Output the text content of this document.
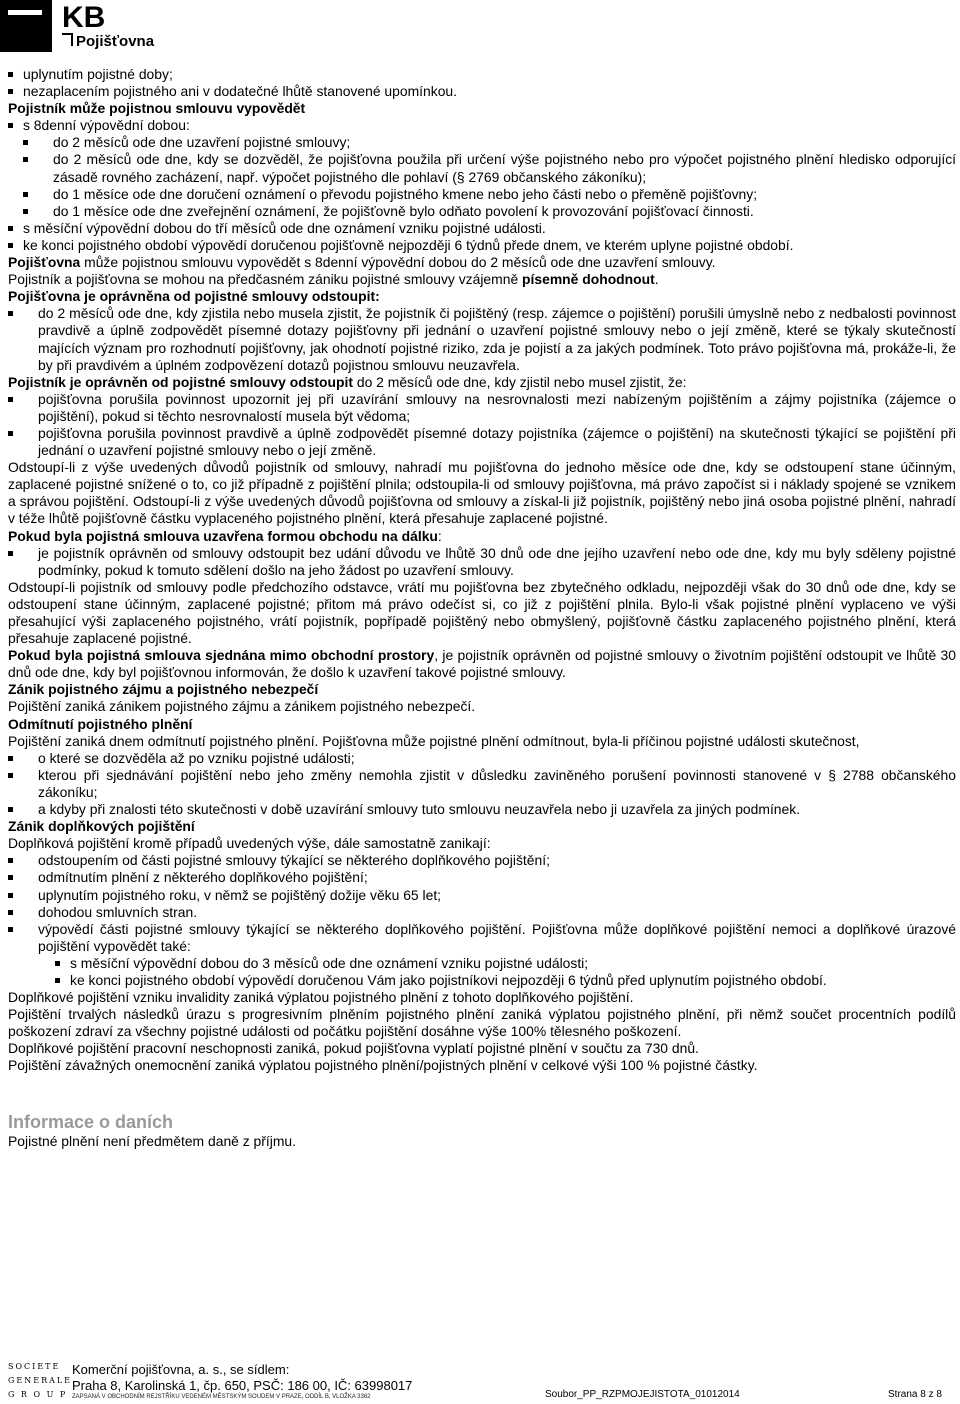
KB
Pojišťovna
uplynutím pojistné doby;
nezaplacením pojistného ani v dodatečné lhůtě stanovené upomínkou.

Pojistník může pojistnou smlouvu vypovědět

s 8denní výpovědní dobou:
do 2 měsíců ode dne uzavření pojistné smlouvy;
do 2 měsíců ode dne, kdy se dozvěděl, že pojišťovna použila při určení výše pojistného nebo pro výpočet pojistného plnění hledisko odporující zásadě rovného zacházení, např. výpočet pojistného dle pohlaví (§ 2769 občanského zákoníku);
do 1 měsíce ode dne doručení oznámení o převodu pojistného kmene nebo jeho části nebo o přeměně pojišťovny;
do 1 měsíce ode dne zveřejnění oznámení, že pojišťovně bylo odňato povolení k provozování pojišťovací činnosti.
s měsíční výpovědní dobou do tří měsíců ode dne oznámení vzniku pojistné události.
ke konci pojistného období výpovědí doručenou pojišťovně nejpozději 6 týdnů přede dnem, ve kterém uplyne pojistné období.

Pojišťovna může pojistnou smlouvu vypovědět s 8denní výpovědní dobou do 2 měsíců ode dne uzavření smlouvy.

Pojistník a pojišťovna se mohou na předčasném zániku pojistné smlouvy vzájemně písemně dohodnout.

Pojišťovna je oprávněna od pojistné smlouvy odstoupit:

do 2 měsíců ode dne, kdy zjistila nebo musela zjistit, že pojistník či pojištěný (resp. zájemce o pojištění) porušili úmyslně nebo z nedbalosti povinnost pravdivě a úplně zodpovědět písemné dotazy pojišťovny při jednání o uzavření pojistné smlouvy nebo o její změně, které se týkaly skutečností majících význam pro rozhodnutí pojišťovny, jak ohodnotí pojistné riziko, zda je pojistí a za jakých podmínek. Toto právo pojišťovna má, prokáže-li, že by při pravdivém a úplném zodpovězení dotazů pojistnou smlouvu neuzavřela.

Pojistník je oprávněn od pojistné smlouvy odstoupit do 2 měsíců ode dne, kdy zjistil nebo musel zjistit, že:

pojišťovna porušila povinnost upozornit jej při uzavírání smlouvy na nesrovnalosti mezi nabízeným pojištěním a zájmy pojistníka (zájemce o pojištění), pokud si těchto nesrovnalostí musela být vědoma;
pojišťovna porušila povinnost pravdivě a úplně zodpovědět písemné dotazy pojistníka (zájemce o pojištění) na skutečnosti týkající se pojištění při jednání o uzavření pojistné smlouvy nebo o její změně.

Odstoupí-li z výše uvedených důvodů pojistník od smlouvy, nahradí mu pojišťovna do jednoho měsíce ode dne, kdy se odstoupení stane účinným, zaplacené pojistné snížené o to, co již případně z pojištění plnila; odstoupila-li od smlouvy pojišťovna, má právo započíst si i náklady spojené se vznikem a správou pojištění. Odstoupí-li z výše uvedených důvodů pojišťovna od smlouvy a získal-li již pojistník, pojištěný nebo jiná osoba pojistné plnění, nahradí v téže lhůtě pojišťovně částku vyplaceného pojistného plnění, která přesahuje zaplacené pojistné.

Pokud byla pojistná smlouva uzavřena formou obchodu na dálku:

je pojistník oprávněn od smlouvy odstoupit bez udání důvodu ve lhůtě 30 dnů ode dne jejího uzavření nebo ode dne, kdy mu byly sděleny pojistné podmínky, pokud k tomuto sdělení došlo na jeho žádost po uzavření smlouvy.

Odstoupí-li pojistník od smlouvy podle předchozího odstavce, vrátí mu pojišťovna bez zbytečného odkladu, nejpozději však do 30 dnů ode dne, kdy se odstoupení stane účinným, zaplacené pojistné; přitom má právo odečíst si, co již z pojištění plnila. Bylo-li však pojistné plnění vyplaceno ve výši přesahující výši zaplaceného pojistného, vrátí pojistník, popřípadě pojištěný nebo obmyšlený, pojišťovně částku zaplaceného pojistného plnění, která přesahuje zaplacené pojistné.

Pokud byla pojistná smlouva sjednána mimo obchodní prostory, je pojistník oprávněn od pojistné smlouvy o životním pojištění odstoupit ve lhůtě 30 dnů ode dne, kdy byl pojišťovnou informován, že došlo k uzavření takové pojistné smlouvy.

Zánik pojistného zájmu a pojistného nebezpečí

Pojištění zaniká zánikem pojistného zájmu a zánikem pojistného nebezpečí.

Odmítnutí pojistného plnění

Pojištění zaniká dnem odmítnutí pojistného plnění. Pojišťovna může pojistné plnění odmítnout, byla-li příčinou pojistné události skutečnost,

o které se dozvěděla až po vzniku pojistné události;
kterou při sjednávání pojištění nebo jeho změny nemohla zjistit v důsledku zaviněného porušení povinnosti stanovené v § 2788 občanského zákoníku;
a kdyby při znalosti této skutečnosti v době uzavírání smlouvy tuto smlouvu neuzavřela nebo ji uzavřela za jiných podmínek.

Zánik doplňkových pojištění

Doplňková pojištění kromě případů uvedených výše, dále samostatně zanikají:

odstoupením od části pojistné smlouvy týkající se některého doplňkového pojištění;
odmítnutím plnění z některého doplňkového pojištění;
uplynutím pojistného roku, v němž se pojištěný dožije věku 65 let;
dohodou smluvních stran.
výpovědí části pojistné smlouvy týkající se některého doplňkového pojištění. Pojišťovna může doplňkové pojištění nemoci a doplňkové úrazové pojištění vypovědět také:
s měsíční výpovědní dobou do 3 měsíců ode dne oznámení vzniku pojistné události;
ke konci pojistného období výpovědí doručenou Vám jako pojistníkovi nejpozději 6 týdnů před uplynutím pojistného období.

Doplňkové pojištění vzniku invalidity zaniká výplatou pojistného plnění z tohoto doplňkového pojištění.

Pojištění trvalých následků úrazu s progresivním plněním pojistného plnění zaniká výplatou pojistného plnění, při němž součet procentních podílů poškození zdraví za všechny pojistné události od počátku pojištění dosáhne výše 100% tělesného poškození.

Doplňkové pojištění pracovní neschopnosti zaniká, pokud pojišťovna vyplatí pojistné plnění v součtu za 730 dnů.

Pojištění závažných onemocnění zaniká výplatou pojistného plnění/pojistných plnění v celkové výši 100 % pojistné částky.

Informace o daních

Pojistné plnění není předmětem daně z příjmu.

SOCIETE
GENERALE
G R O U P
Komerční pojišťovna, a. s., se sídlem:
Praha 8, Karolinská 1, čp. 650, PSČ: 186 00, IČ: 63998017
ZAPSANÁ V OBCHODNÍM REJSTŘÍKU VEDENÉM MĚSTSKÝM SOUDEM V PRAZE, ODDÍL B, VLOŽKA 3362	Soubor_PP_RZPMOJEJISTOTA_01012014	Strana 8 z 8
